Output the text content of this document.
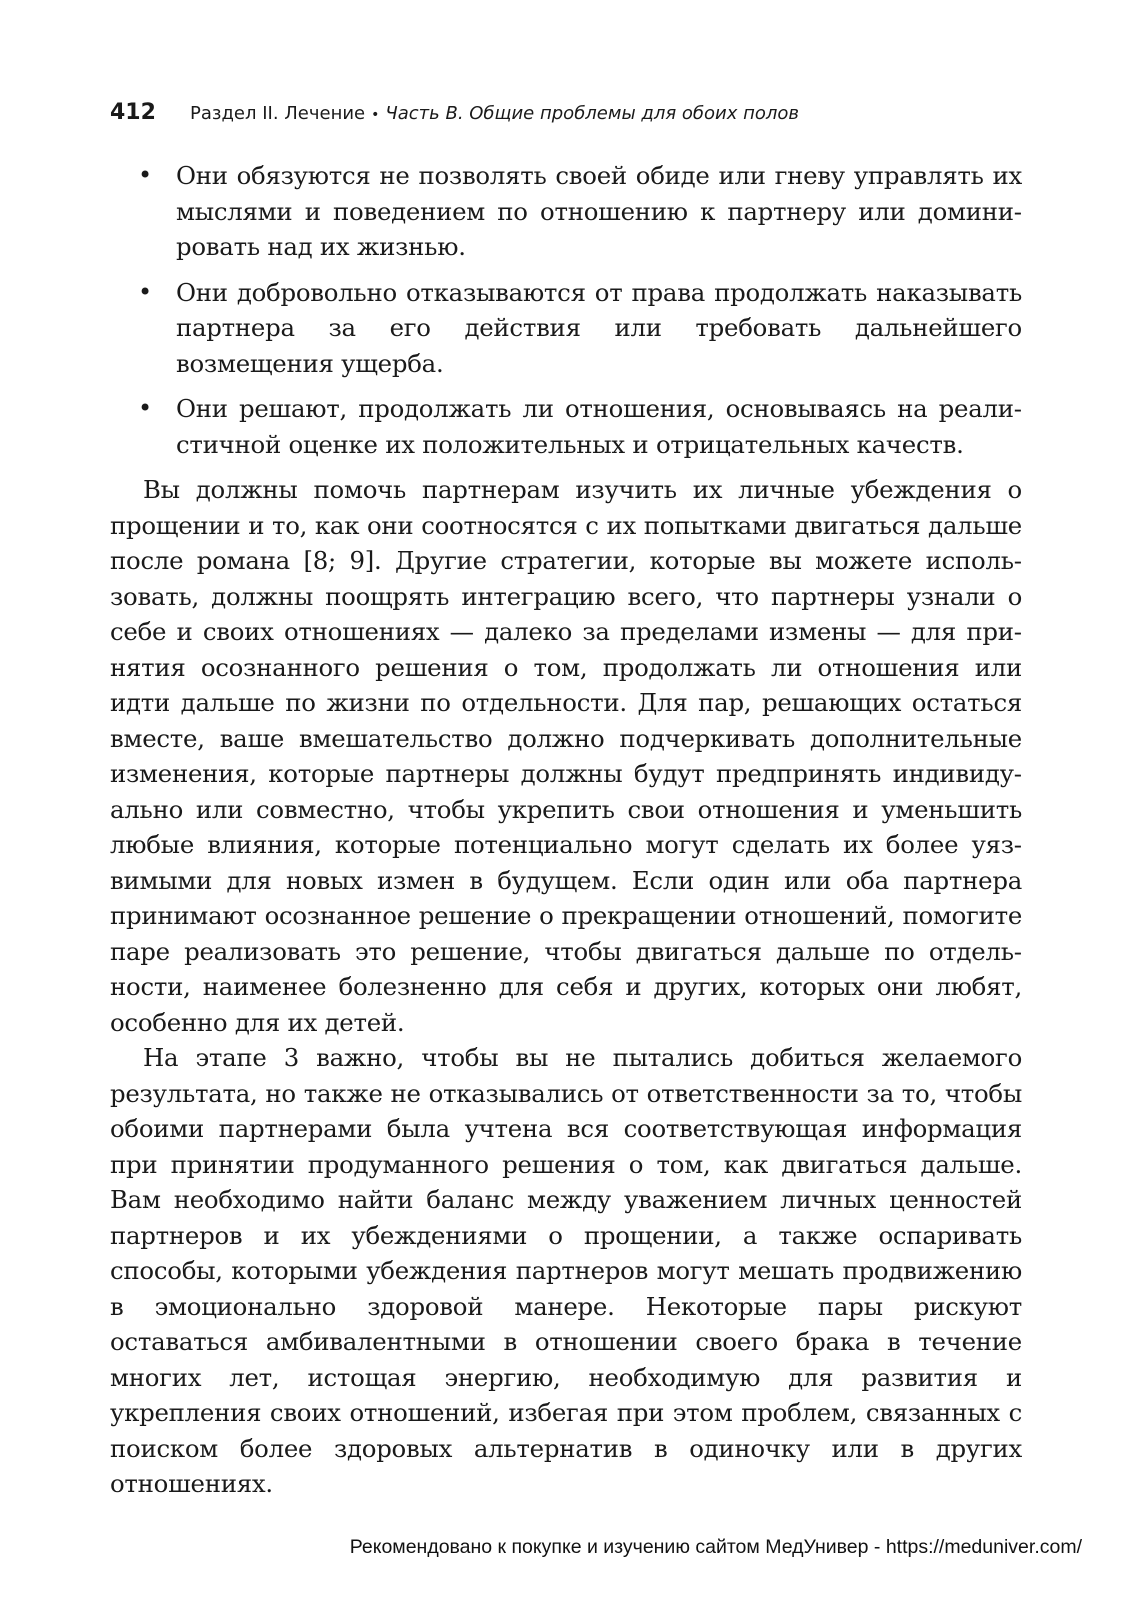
412	Раздел II. Лечение • Часть B. Общие проблемы для обоих полов
• Они обязуются не позволять своей обиде или гневу управлять их мыслями и поведением по отношению к партнеру или доминировать над их жизнью.
• Они добровольно отказываются от права продолжать наказывать партнера за его действия или требовать дальнейшего возмещения ущерба.
• Они решают, продолжать ли отношения, основываясь на реалистичной оценке их положительных и отрицательных качеств.

Вы должны помочь партнерам изучить их личные убеждения о прощении и то, как они соотносятся с их попытками двигаться дальше после романа [8; 9]. Другие стратегии, которые вы можете использовать, должны поощрять интеграцию всего, что партнеры узнали о себе и своих отношениях — далеко за пределами измены — для принятия осознанного решения о том, продолжать ли отношения или идти дальше по жизни по отдельности. Для пар, решающих остаться вместе, ваше вмешательство должно подчеркивать дополнительные изменения, которые партнеры должны будут предпринять индивидуально или совместно, чтобы укрепить свои отношения и уменьшить любые влияния, которые потенциально могут сделать их более уязвимыми для новых измен в будущем. Если один или оба партнера принимают осознанное решение о прекращении отношений, помогите паре реализовать это решение, чтобы двигаться дальше по отдельности, наименее болезненно для себя и других, которых они любят, особенно для их детей.

На этапе 3 важно, чтобы вы не пытались добиться желаемого результата, но также не отказывались от ответственности за то, чтобы обоими партнерами была учтена вся соответствующая информация при принятии продуманного решения о том, как двигаться дальше. Вам необходимо найти баланс между уважением личных ценностей партнеров и их убеждениями о прощении, а также оспаривать способы, которыми убеждения партнеров могут мешать продвижению в эмоционально здоровой манере. Некоторые пары рискуют оставаться амбивалентными в отношении своего брака в течение многих лет, истощая энергию, необходимую для развития и укрепления своих отношений, избегая при этом проблем, связанных с поиском более здоровых альтернатив в одиночку или в других отношениях.

Рекомендовано к покупке и изучению сайтом МедУнивер - https://meduniver.com/
